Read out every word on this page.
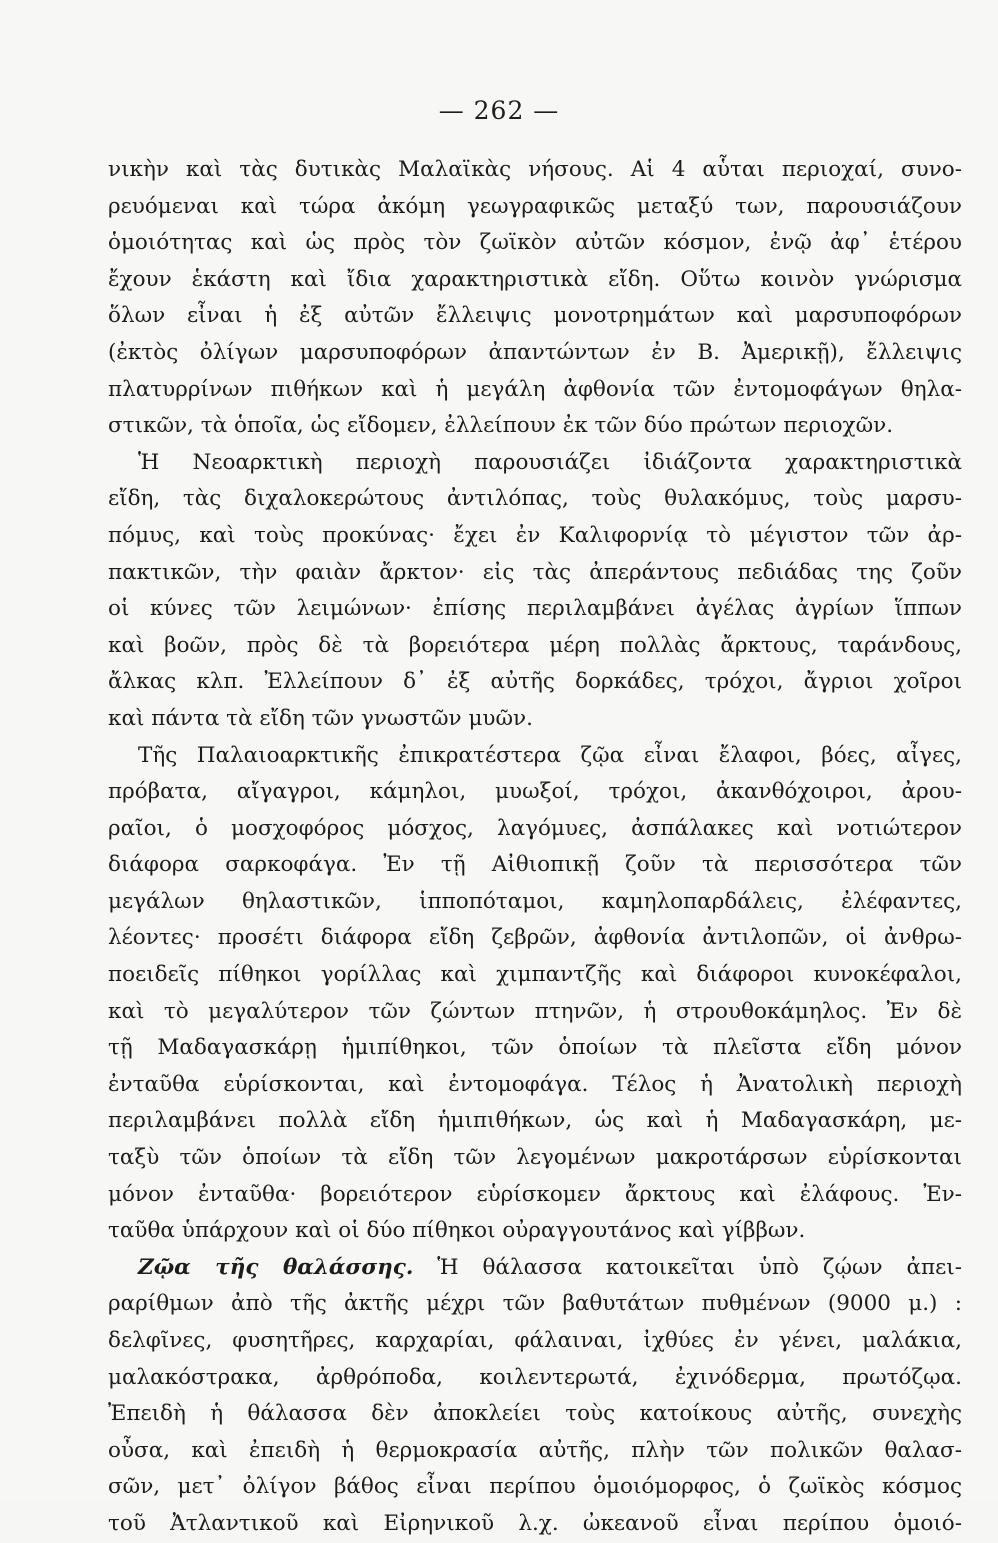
— 262 —
νικὴν καὶ τὰς δυτικὰς Μαλαϊκὰς νήσους. Αἱ 4 αὗται περιοχαί, συνο-
ρευόμεναι καὶ τώρα ἀκόμη γεωγραφικῶς μεταξύ των, παρουσιάζουν
ὁμοιότητας καὶ ὡς πρὸς τὸν ζωϊκὸν αὐτῶν κόσμον, ἐνῷ ἀφ᾽ ἑτέρου
ἔχουν ἑκάστη καὶ ἴδια χαρακτηριστικὰ εἴδη. Οὕτω κοινὸν γνώρισμα
ὅλων εἶναι ἡ ἐξ αὐτῶν ἔλλειψις μονοτρημάτων καὶ μαρσυποφόρων
(ἐκτὸς ὀλίγων μαρσυποφόρων ἀπαντώντων ἐν Β. Ἀμερικῇ), ἔλλειψις
πλατυρρίνων πιθήκων καὶ ἡ μεγάλη ἀφθονία τῶν ἐντομοφάγων θηλα-
στικῶν, τὰ ὁποῖα, ὡς εἴδομεν, ἐλλείπουν ἐκ τῶν δύο πρώτων περιοχῶν.
Ἡ Νεοαρκτικὴ περιοχὴ παρουσιάζει ἰδιάζοντα χαρακτηριστικὰ
εἴδη, τὰς διχαλοκερώτους ἀντιλόπας, τοὺς θυλακόμυς, τοὺς μαρσυ-
πόμυς, καὶ τοὺς προκύνας· ἔχει ἐν Καλιφορνίᾳ τὸ μέγιστον τῶν ἀρ-
πακτικῶν, τὴν φαιὰν ἄρκτον· εἰς τὰς ἀπεράντους πεδιάδας της ζοῦν
οἱ κύνες τῶν λειμώνων· ἐπίσης περιλαμβάνει ἀγέλας ἀγρίων ἵππων
καὶ βοῶν, πρὸς δὲ τὰ βορειότερα μέρη πολλὰς ἄρκτους, ταράνδους,
ἄλκας κλπ. Ἐλλείπουν δ᾽ ἐξ αὐτῆς δορκάδες, τρόχοι, ἄγριοι χοῖροι
καὶ πάντα τὰ εἴδη τῶν γνωστῶν μυῶν.
Τῆς Παλαιοαρκτικῆς ἐπικρατέστερα ζῷα εἶναι ἔλαφοι, βόες, αἶγες,
πρόβατα, αἴγαγροι, κάμηλοι, μυωξοί, τρόχοι, ἀκανθόχοιροι, ἀρου-
ραῖοι, ὁ μοσχοφόρος μόσχος, λαγόμυες, ἀσπάλακες καὶ νοτιώτερον
διάφορα σαρκοφάγα. Ἐν τῇ Αἰθιοπικῇ ζοῦν τὰ περισσότερα τῶν
μεγάλων θηλαστικῶν, ἱπποπόταμοι, καμηλοπαρδάλεις, ἐλέφαντες,
λέοντες· προσέτι διάφορα εἴδη ζεβρῶν, ἀφθονία ἀντιλοπῶν, οἱ ἀνθρω-
ποειδεῖς πίθηκοι γορίλλας καὶ χιμπαντζῆς καὶ διάφοροι κυνοκέφαλοι,
καὶ τὸ μεγαλύτερον τῶν ζώντων πτηνῶν, ἡ στρουθοκάμηλος. Ἐν δὲ
τῇ Μαδαγασκάρῃ ἡμιπίθηκοι, τῶν ὁποίων τὰ πλεῖστα εἴδη μόνον
ἐνταῦθα εὑρίσκονται, καὶ ἐντομοφάγα. Τέλος ἡ Ἀνατολικὴ περιοχὴ
περιλαμβάνει πολλὰ εἴδη ἡμιπιθήκων, ὡς καὶ ἡ Μαδαγασκάρη, με-
ταξὺ τῶν ὁποίων τὰ εἴδη τῶν λεγομένων μακροτάρσων εὑρίσκονται
μόνον ἐνταῦθα· βορειότερον εὑρίσκομεν ἄρκτους καὶ ἐλάφους. Ἐν-
ταῦθα ὑπάρχουν καὶ οἱ δύο πίθηκοι οὐραγγουτάνος καὶ γίββων.
Ζῷα τῆς θαλάσσης. Ἡ θάλασσα κατοικεῖται ὑπὸ ζῴων ἀπει-
ραρίθμων ἀπὸ τῆς ἀκτῆς μέχρι τῶν βαθυτάτων πυθμένων (9000 μ.) :
δελφῖνες, φυσητῆρες, καρχαρίαι, φάλαιναι, ἰχθύες ἐν γένει, μαλάκια,
μαλακόστρακα, ἀρθρόποδα, κοιλεντερωτά, ἐχινόδερμα, πρωτόζῳα.
Ἐπειδὴ ἡ θάλασσα δὲν ἀποκλείει τοὺς κατοίκους αὐτῆς, συνεχὴς
οὖσα, καὶ ἐπειδὴ ἡ θερμοκρασία αὐτῆς, πλὴν τῶν πολικῶν θαλασ-
σῶν, μετ᾽ ὀλίγον βάθος εἶναι περίπου ὁμοιόμορφος, ὁ ζωϊκὸς κόσμος
τοῦ Ἀτλαντικοῦ καὶ Εἰρηνικοῦ λ.χ. ὠκεανοῦ εἶναι περίπου ὁμοιό-
